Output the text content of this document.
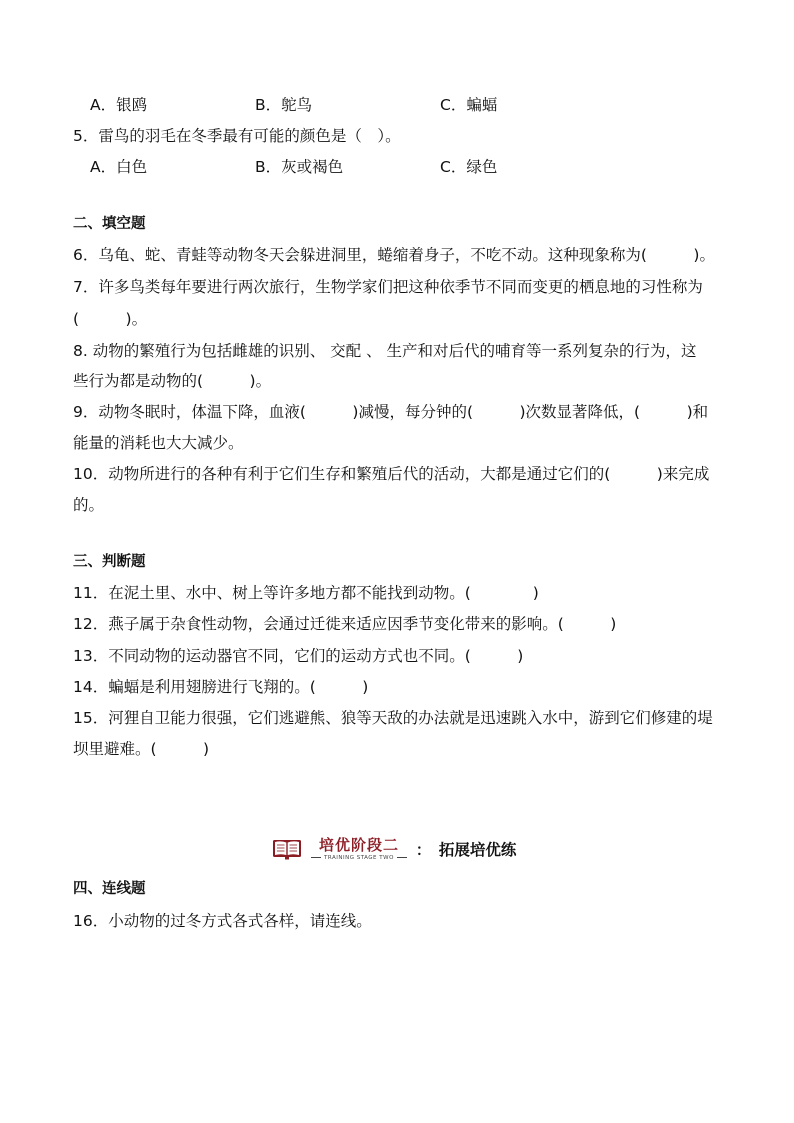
A．银鸥	B．鸵鸟	C．蝙蝠
5．雷鸟的羽毛在冬季最有可能的颜色是（　）。
A．白色	B．灰或褐色	C．绿色
二、填空题
6．乌龟、蛇、青蛙等动物冬天会躲进洞里，蜷缩着身子，不吃不动。这种现象称为(　　　)。
7．许多鸟类每年要进行两次旅行，生物学家们把这种依季节不同而变更的栖息地的习性称为
(　　　)。
8. 动物的繁殖行为包括雌雄的识别、 交配 、 生产和对后代的哺育等一系列复杂的行为，这
些行为都是动物的(　　　)。
9．动物冬眠时，体温下降，血液(　　　)减慢，每分钟的(　　　)次数显著降低，(　　　)和
能量的消耗也大大减少。
10．动物所进行的各种有利于它们生存和繁殖后代的活动，大都是通过它们的(　　　)来完成
的。
三、判断题
11．在泥土里、水中、树上等许多地方都不能找到动物。(　　　　)
12．燕子属于杂食性动物，会通过迁徙来适应因季节变化带来的影响。(　　　)
13．不同动物的运动器官不同，它们的运动方式也不同。(　　　)
14．蝙蝠是利用翅膀进行飞翔的。(　　　)
15．河狸自卫能力很强，它们逃避熊、狼等天敌的办法就是迅速跳入水中，游到它们修建的堤
坝里避难。(　　　)
培优阶段二
TRAINING STAGE TWO	： 拓展培优练
四、连线题
16．小动物的过冬方式各式各样，请连线。
